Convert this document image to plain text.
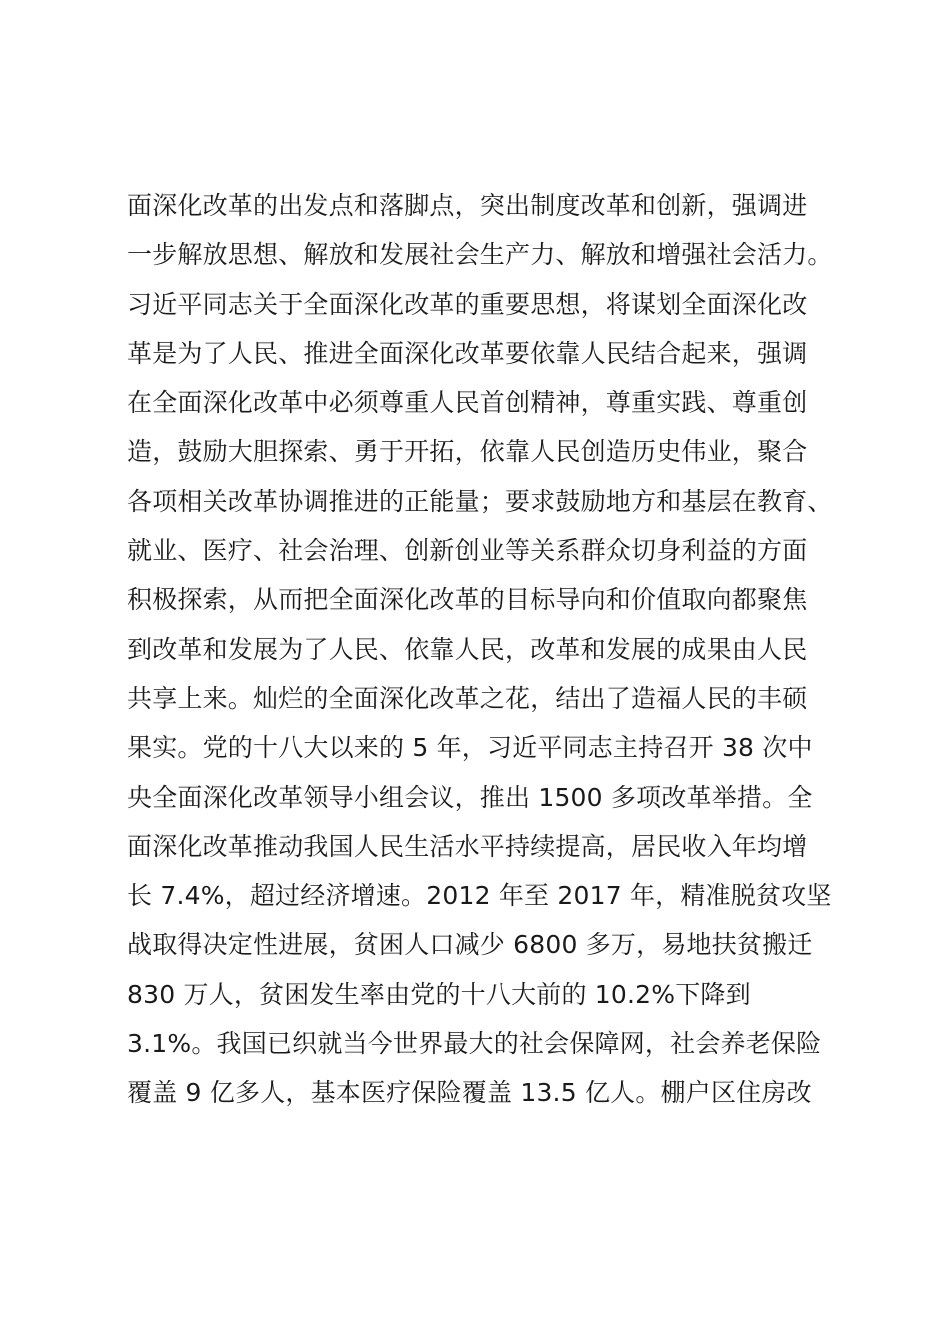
面深化改革的出发点和落脚点，突出制度改革和创新，强调进
一步解放思想、解放和发展社会生产力、解放和增强社会活力。
习近平同志关于全面深化改革的重要思想，将谋划全面深化改
革是为了人民、推进全面深化改革要依靠人民结合起来，强调
在全面深化改革中必须尊重人民首创精神，尊重实践、尊重创
造，鼓励大胆探索、勇于开拓，依靠人民创造历史伟业，聚合
各项相关改革协调推进的正能量；要求鼓励地方和基层在教育、
就业、医疗、社会治理、创新创业等关系群众切身利益的方面
积极探索，从而把全面深化改革的目标导向和价值取向都聚焦
到改革和发展为了人民、依靠人民，改革和发展的成果由人民
共享上来。灿烂的全面深化改革之花，结出了造福人民的丰硕
果实。党的十八大以来的 5 年，习近平同志主持召开 38 次中
央全面深化改革领导小组会议，推出 1500 多项改革举措。全
面深化改革推动我国人民生活水平持续提高，居民收入年均增
长 7.4%，超过经济增速。2012 年至 2017 年，精准脱贫攻坚
战取得决定性进展，贫困人口减少 6800 多万，易地扶贫搬迁
830 万人，贫困发生率由党的十八大前的 10.2%下降到
3.1%。我国已织就当今世界最大的社会保障网，社会养老保险
覆盖 9 亿多人，基本医疗保险覆盖 13.5 亿人。棚户区住房改
